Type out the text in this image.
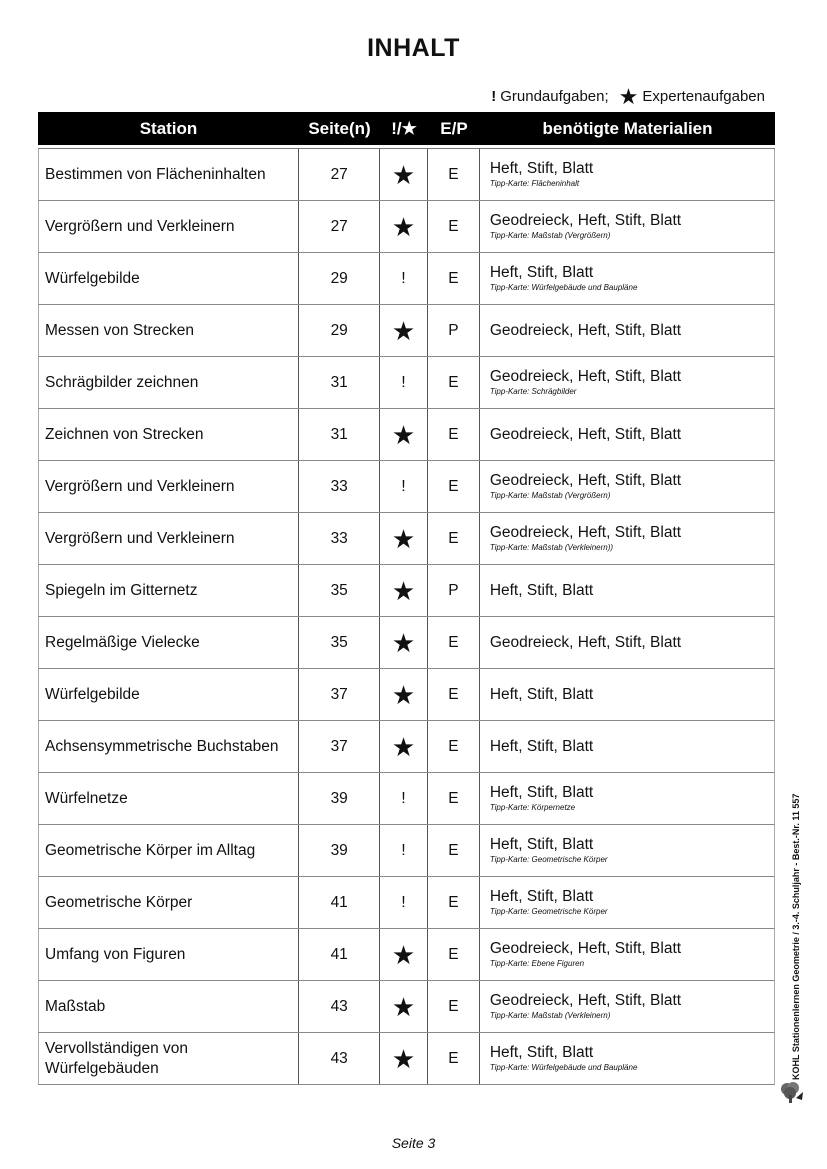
INHALT
! Grundaufgaben; ★ Expertenaufgaben
Station	Seite(n)	!/★	E/P	benötigte Materialien
Bestimmen von Flächeninhalten	27	★	E	Heft, Stift, Blatt
Tipp-Karte: Flächeninhalt
Vergrößern und Verkleinern	27	★	E	Geodreieck, Heft, Stift, Blatt
Tipp-Karte: Maßstab (Vergrößern)
Würfelgebilde	29	!	E	Heft, Stift, Blatt
Tipp-Karte: Würfelgebäude und Baupläne
Messen von Strecken	29	★	P	Geodreieck, Heft, Stift, Blatt
Schrägbilder zeichnen	31	!	E	Geodreieck, Heft, Stift, Blatt
Tipp-Karte: Schrägbilder
Zeichnen von Strecken	31	★	E	Geodreieck, Heft, Stift, Blatt
Vergrößern und Verkleinern	33	!	E	Geodreieck, Heft, Stift, Blatt
Tipp-Karte: Maßstab (Vergrößern)
Vergrößern und Verkleinern	33	★	E	Geodreieck, Heft, Stift, Blatt
Tipp-Karte: Maßstab (Verkleinern))
Spiegeln im Gitternetz	35	★	P	Heft, Stift, Blatt
Regelmäßige Vielecke	35	★	E	Geodreieck, Heft, Stift, Blatt
Würfelgebilde	37	★	E	Heft, Stift, Blatt
Achsensymmetrische Buchstaben	37	★	E	Heft, Stift, Blatt
Würfelnetze	39	!	E	Heft, Stift, Blatt
Tipp-Karte: Körpernetze
Geometrische Körper im Alltag	39	!	E	Heft, Stift, Blatt
Tipp-Karte: Geometrische Körper
Geometrische Körper	41	!	E	Heft, Stift, Blatt
Tipp-Karte: Geometrische Körper
Umfang von Figuren	41	★	E	Geodreieck, Heft, Stift, Blatt
Tipp-Karte: Ebene Figuren
Maßstab	43	★	E	Geodreieck, Heft, Stift, Blatt
Tipp-Karte: Maßstab (Verkleinern)
Vervollständigen von Würfelgebäuden
43	★	E	Heft, Stift, Blatt
Tipp-Karte: Würfelgebäude und Baupläne	KOHL Stationenlernen Geometrie / 3.-4. Schuljahr - Best.-Nr. 11 557
Seite 3
